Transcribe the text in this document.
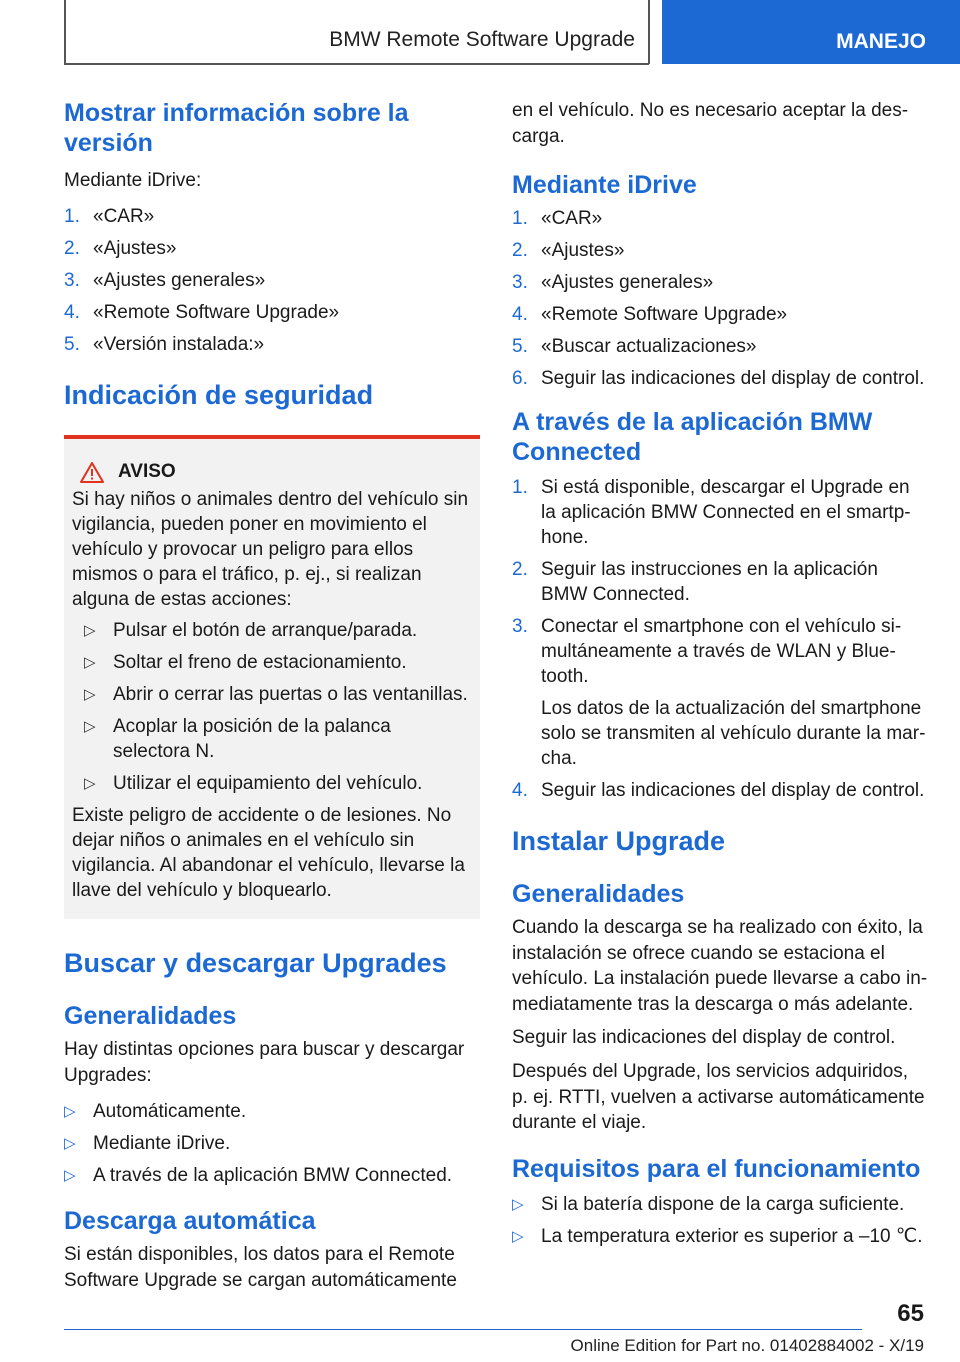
BMW Remote Software Upgrade	MANEJO
Mostrar información sobre la versión

Mediante iDrive:

1. «CAR»
2. «Ajustes»
3. «Ajustes generales»
4. «Remote Software Upgrade»
5. «Versión instalada:»
Indicación de seguridad
AVISO

Si hay niños o animales dentro del vehículo sin vigilancia, pueden poner en movimiento el vehículo y provocar un peligro para ellos mismos o para el tráfico, p. ej., si realizan alguna de estas acciones:

▷ Pulsar el botón de arranque/parada.
▷ Soltar el freno de estacionamiento.
▷ Abrir o cerrar las puertas o las ventanillas.
▷ Acoplar la posición de la palanca selectora N.
▷ Utilizar el equipamiento del vehículo.

Existe peligro de accidente o de lesiones. No dejar niños o animales en el vehículo sin vigilancia. Al abandonar el vehículo, llevarse la llave del vehículo y bloquearlo.

Buscar y descargar Upgrades
Generalidades

Hay distintas opciones para buscar y descargar Upgrades:

▷ Automáticamente.
▷ Mediante iDrive.
▷ A través de la aplicación BMW Connected.
Descarga automática

Si están disponibles, los datos para el Remote Software Upgrade se cargan automáticamente

en el vehículo. No es necesario aceptar la descarga.

Mediante iDrive
1. «CAR»
2. «Ajustes»
3. «Ajustes generales»
4. «Remote Software Upgrade»
5. «Buscar actualizaciones»
6. Seguir las indicaciones del display de control.
A través de la aplicación BMW Connected
1. Si está disponible, descargar el Upgrade en la aplicación BMW Connected en el smartphone.
2. Seguir las instrucciones en la aplicación BMW Connected.
3. Conectar el smartphone con el vehículo simultáneamente a través de WLAN y Bluetooth.
Los datos de la actualización del smartphone solo se transmiten al vehículo durante la marcha.
4. Seguir las indicaciones del display de control.
Instalar Upgrade
Generalidades

Cuando la descarga se ha realizado con éxito, la instalación se ofrece cuando se estaciona el vehículo. La instalación puede llevarse a cabo inmediatamente tras la descarga o más adelante.

Seguir las indicaciones del display de control.

Después del Upgrade, los servicios adquiridos, p. ej. RTTI, vuelven a activarse automáticamente durante el viaje.

Requisitos para el funcionamiento
▷ Si la batería dispone de la carga suficiente.
▷ La temperatura exterior es superior a –10 ℃.
65
Online Edition for Part no. 01402884002 - X/19
